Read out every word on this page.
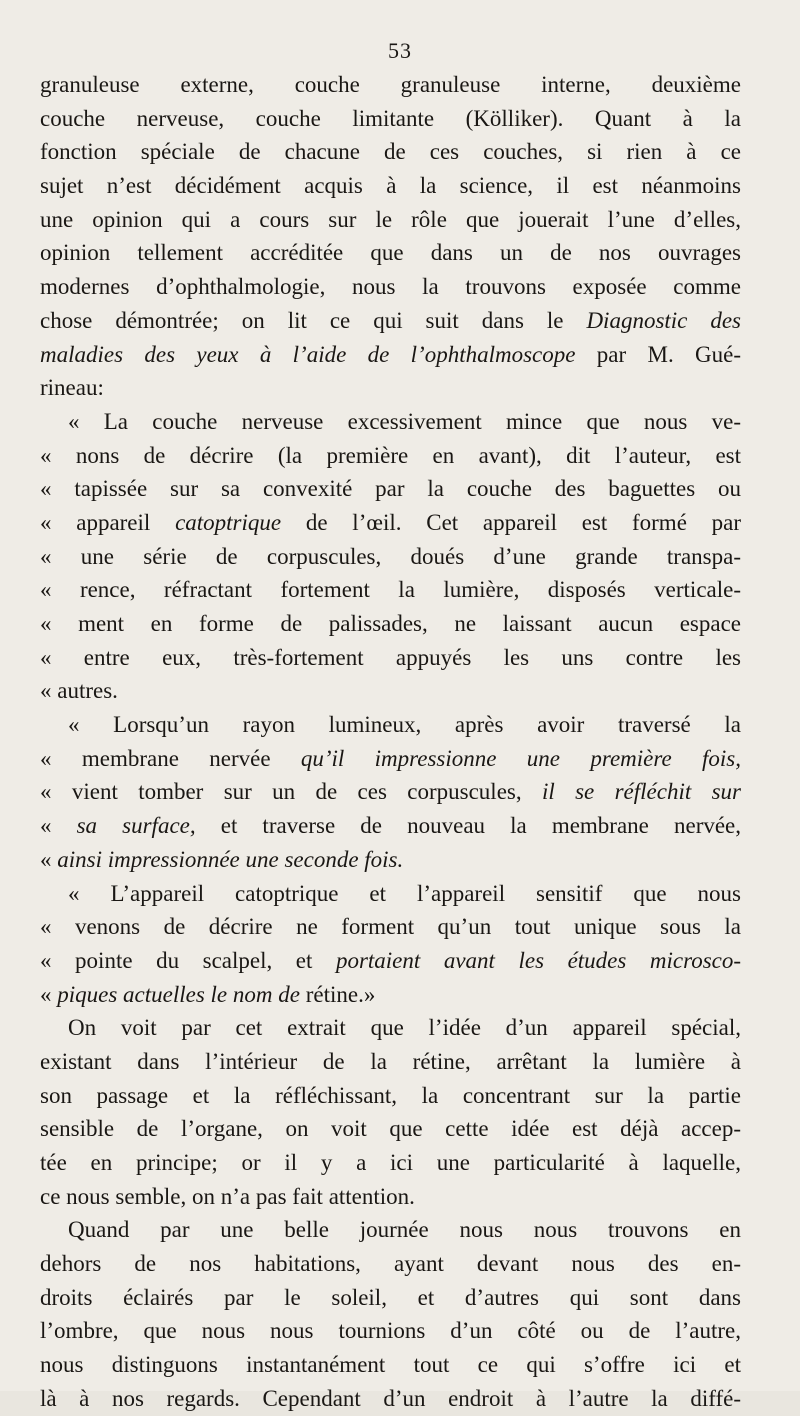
53
granuleuse externe, couche granuleuse interne, deuxième
couche nerveuse, couche limitante (Kölliker). Quant à la
fonction spéciale de chacune de ces couches, si rien à ce
sujet n’est décidément acquis à la science, il est néanmoins
une opinion qui a cours sur le rôle que jouerait l’une d’elles,
opinion tellement accréditée que dans un de nos ouvrages
modernes d’ophthalmologie, nous la trouvons exposée comme
chose démontrée; on lit ce qui suit dans le Diagnostic des
maladies des yeux à l’aide de l’ophthalmoscope par M. Gué-
rineau:
« La couche nerveuse excessivement mince que nous ve-
« nons de décrire (la première en avant), dit l’auteur, est
« tapissée sur sa convexité par la couche des baguettes ou
« appareil catoptrique de l’œil. Cet appareil est formé par
« une série de corpuscules, doués d’une grande transpa-
« rence, réfractant fortement la lumière, disposés verticale-
« ment en forme de palissades, ne laissant aucun espace
« entre eux, très-fortement appuyés les uns contre les
« autres.
« Lorsqu’un rayon lumineux, après avoir traversé la
« membrane nervée qu’il impressionne une première fois,
« vient tomber sur un de ces corpuscules, il se réfléchit sur
« sa surface, et traverse de nouveau la membrane nervée,
« ainsi impressionnée une seconde fois.
« L’appareil catoptrique et l’appareil sensitif que nous
« venons de décrire ne forment qu’un tout unique sous la
« pointe du scalpel, et portaient avant les études microsco-
« piques actuelles le nom de rétine.»
On voit par cet extrait que l’idée d’un appareil spécial,
existant dans l’intérieur de la rétine, arrêtant la lumière à
son passage et la réfléchissant, la concentrant sur la partie
sensible de l’organe, on voit que cette idée est déjà accep-
tée en principe; or il y a ici une particularité à laquelle,
ce nous semble, on n’a pas fait attention.
Quand par une belle journée nous nous trouvons en
dehors de nos habitations, ayant devant nous des en-
droits éclairés par le soleil, et d’autres qui sont dans
l’ombre, que nous nous tournions d’un côté ou de l’autre,
nous distinguons instantanément tout ce qui s’offre ici et
là à nos regards. Cependant d’un endroit à l’autre la diffé-
